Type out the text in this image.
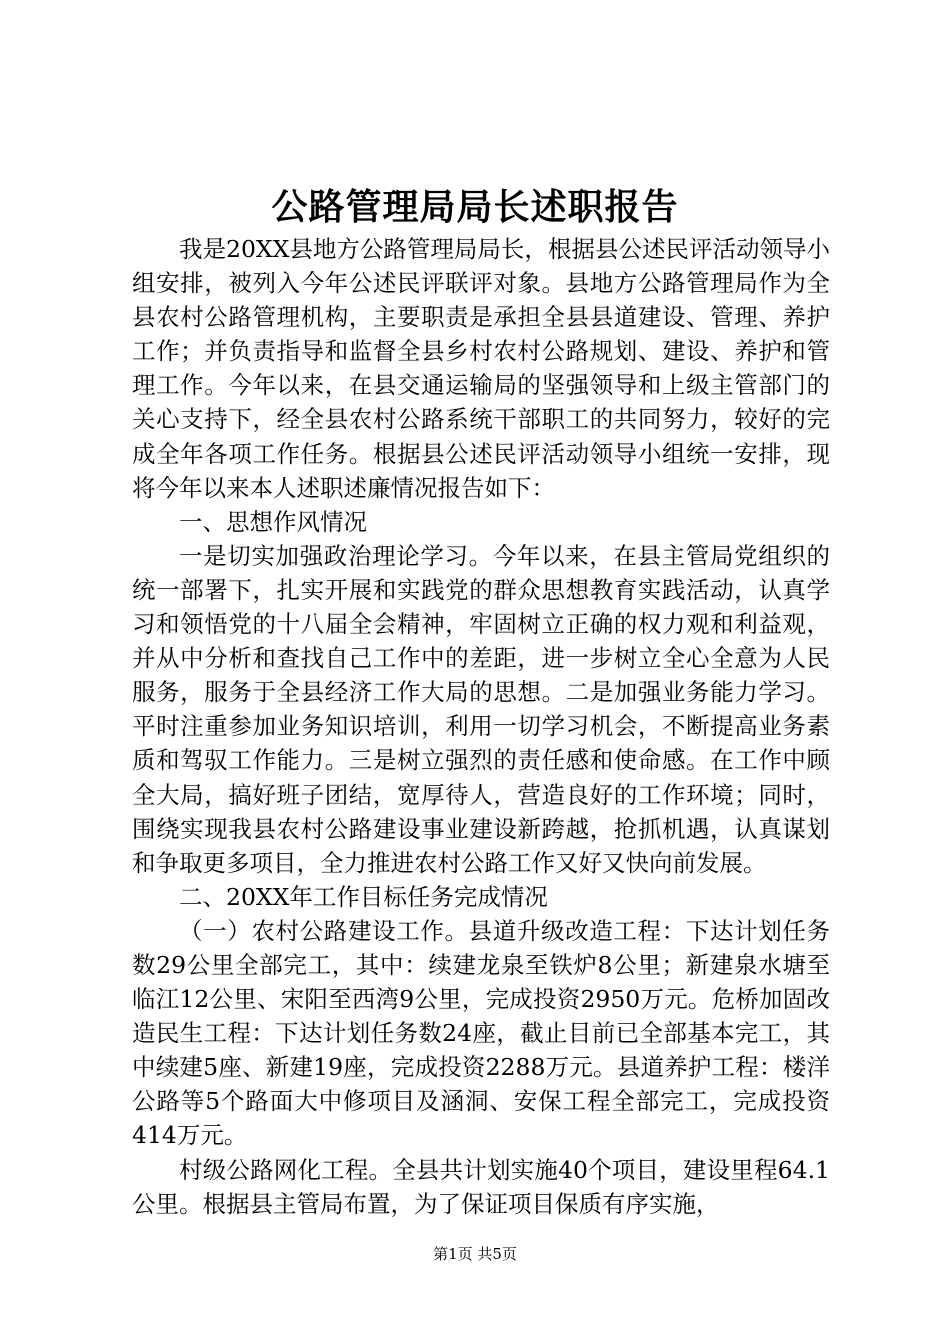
公路管理局局长述职报告

我是20XX县地方公路管理局局长，根据县公述民评活动领导小组安排，被列入今年公述民评联评对象。县地方公路管理局作为全县农村公路管理机构，主要职责是承担全县县道建设、管理、养护工作；并负责指导和监督全县乡村农村公路规划、建设、养护和管理工作。今年以来，在县交通运输局的坚强领导和上级主管部门的关心支持下，经全县农村公路系统干部职工的共同努力，较好的完成全年各项工作任务。根据县公述民评活动领导小组统一安排，现将今年以来本人述职述廉情况报告如下：

一、思想作风情况

一是切实加强政治理论学习。今年以来，在县主管局党组织的统一部署下，扎实开展和实践党的群众思想教育实践活动，认真学习和领悟党的十八届全会精神，牢固树立正确的权力观和利益观，并从中分析和查找自己工作中的差距，进一步树立全心全意为人民服务，服务于全县经济工作大局的思想。二是加强业务能力学习。平时注重参加业务知识培训，利用一切学习机会，不断提高业务素质和驾驭工作能力。三是树立强烈的责任感和使命感。在工作中顾全大局，搞好班子团结，宽厚待人，营造良好的工作环境；同时，围绕实现我县农村公路建设事业建设新跨越，抢抓机遇，认真谋划和争取更多项目，全力推进农村公路工作又好又快向前发展。

二、20XX年工作目标任务完成情况

（一）农村公路建设工作。县道升级改造工程：下达计划任务数29公里全部完工，其中：续建龙泉至铁炉8公里；新建泉水塘至临江12公里、宋阳至西湾9公里，完成投资2950万元。危桥加固改造民生工程：下达计划任务数24座，截止目前已全部基本完工，其中续建5座、新建19座，完成投资2288万元。县道养护工程：楼洋公路等5个路面大中修项目及涵洞、安保工程全部完工，完成投资414万元。

村级公路网化工程。全县共计划实施40个项目，建设里程64.1公里。根据县主管局布置，为了保证项目保质有序实施，

第1页 共5页
